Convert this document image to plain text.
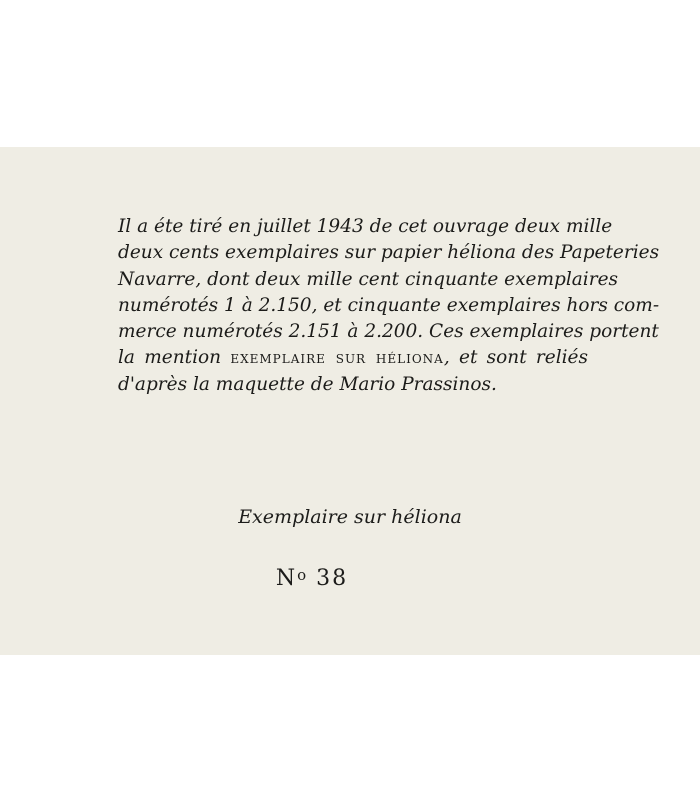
Il a éte tiré en juillet 1943 de cet ouvrage deux mille
deux cents exemplaires sur papier héliona des Papeteries
Navarre, dont deux mille cent cinquante exemplaires
numérotés 1 à 2.150, et cinquante exemplaires hors com-
merce numérotés 2.151 à 2.200. Ces exemplaires portent
la mention exemplaire sur héliona, et sont reliés
d'après la maquette de Mario Prassinos.
Exemplaire sur héliona
$N^o$ 38
